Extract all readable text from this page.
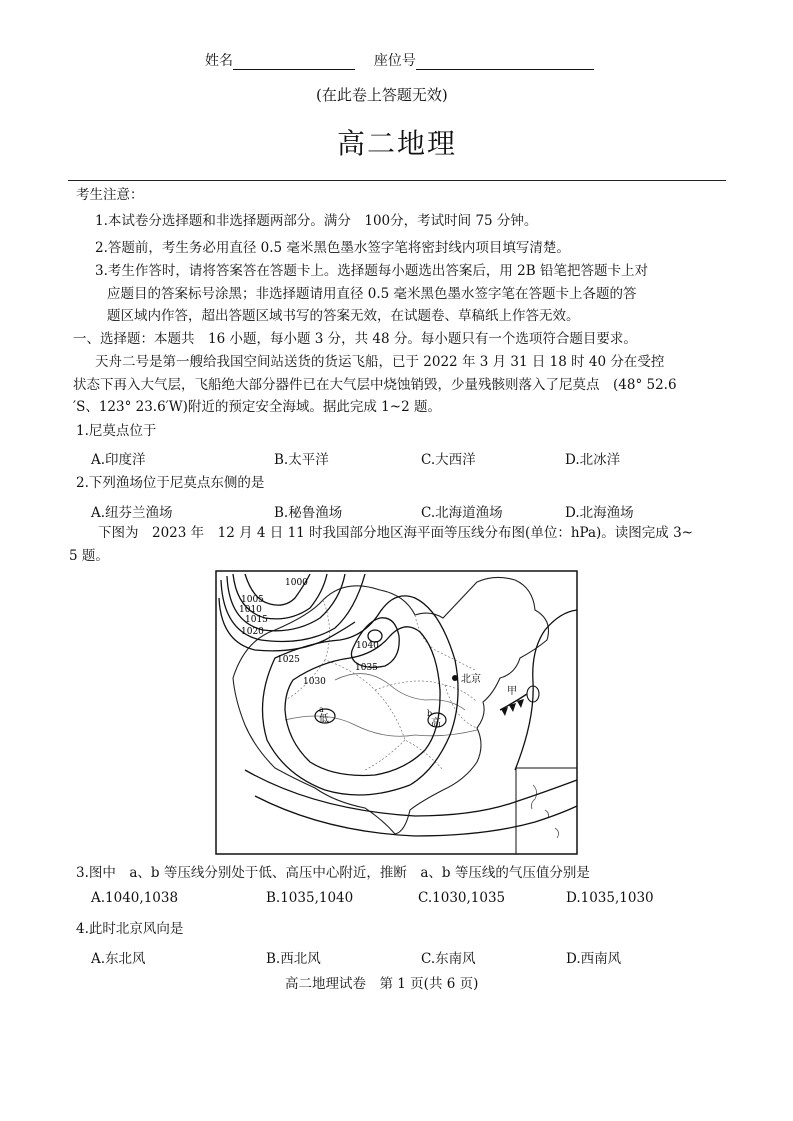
姓名	座位号
(在此卷上答题无效)
高二地理
考生注意：
1.本试卷分选择题和非选择题两部分。满分　100分，考试时间 75 分钟。
2.答题前，考生务必用直径 0.5 毫米黑色墨水签字笔将密封线内项目填写清楚。
3.考生作答时，请将答案答在答题卡上。选择题每小题选出答案后，用 2B 铅笔把答题卡上对
应题目的答案标号涂黑；非选择题请用直径 0.5 毫米黑色墨水签字笔在答题卡上各题的答
题区域内作答，超出答题区域书写的答案无效，在试题卷、草稿纸上作答无效。
一、选择题：本题共　16 小题，每小题 3 分，共 48 分。每小题只有一个选项符合题目要求。
天舟二号是第一艘给我国空间站送货的货运飞船，已于 2022 年 3 月 31 日 18 时 40 分在受控
状态下再入大气层，飞船绝大部分器件已在大气层中烧蚀销毁，少量残骸则落入了尼莫点　(48° 52.6
′S、123° 23.6′W)附近的预定安全海域。据此完成 1~2 题。
1.尼莫点位于
A.印度洋	B.太平洋	C.大西洋	D.北冰洋
2.下列渔场位于尼莫点东侧的是
A.纽芬兰渔场	B.秘鲁渔场	C.北海道渔场	D.北海渔场
下图为　2023 年　12 月 4 日 11 时我国部分地区海平面等压线分布图(单位：hPa)。读图完成 3~
5 题。
1000
1005
1010
1015
1020
1025
1030
1035
1040
北京
a
低
b
高
甲
3.图中　a、b 等压线分别处于低、高压中心附近，推断　a、b 等压线的气压值分别是
A.1040,1038	B.1035,1040	C.1030,1035	D.1035,1030
4.此时北京风向是
A.东北风	B.西北风	C.东南风	D.西南风
高二地理试卷　第 1 页(共 6 页)
